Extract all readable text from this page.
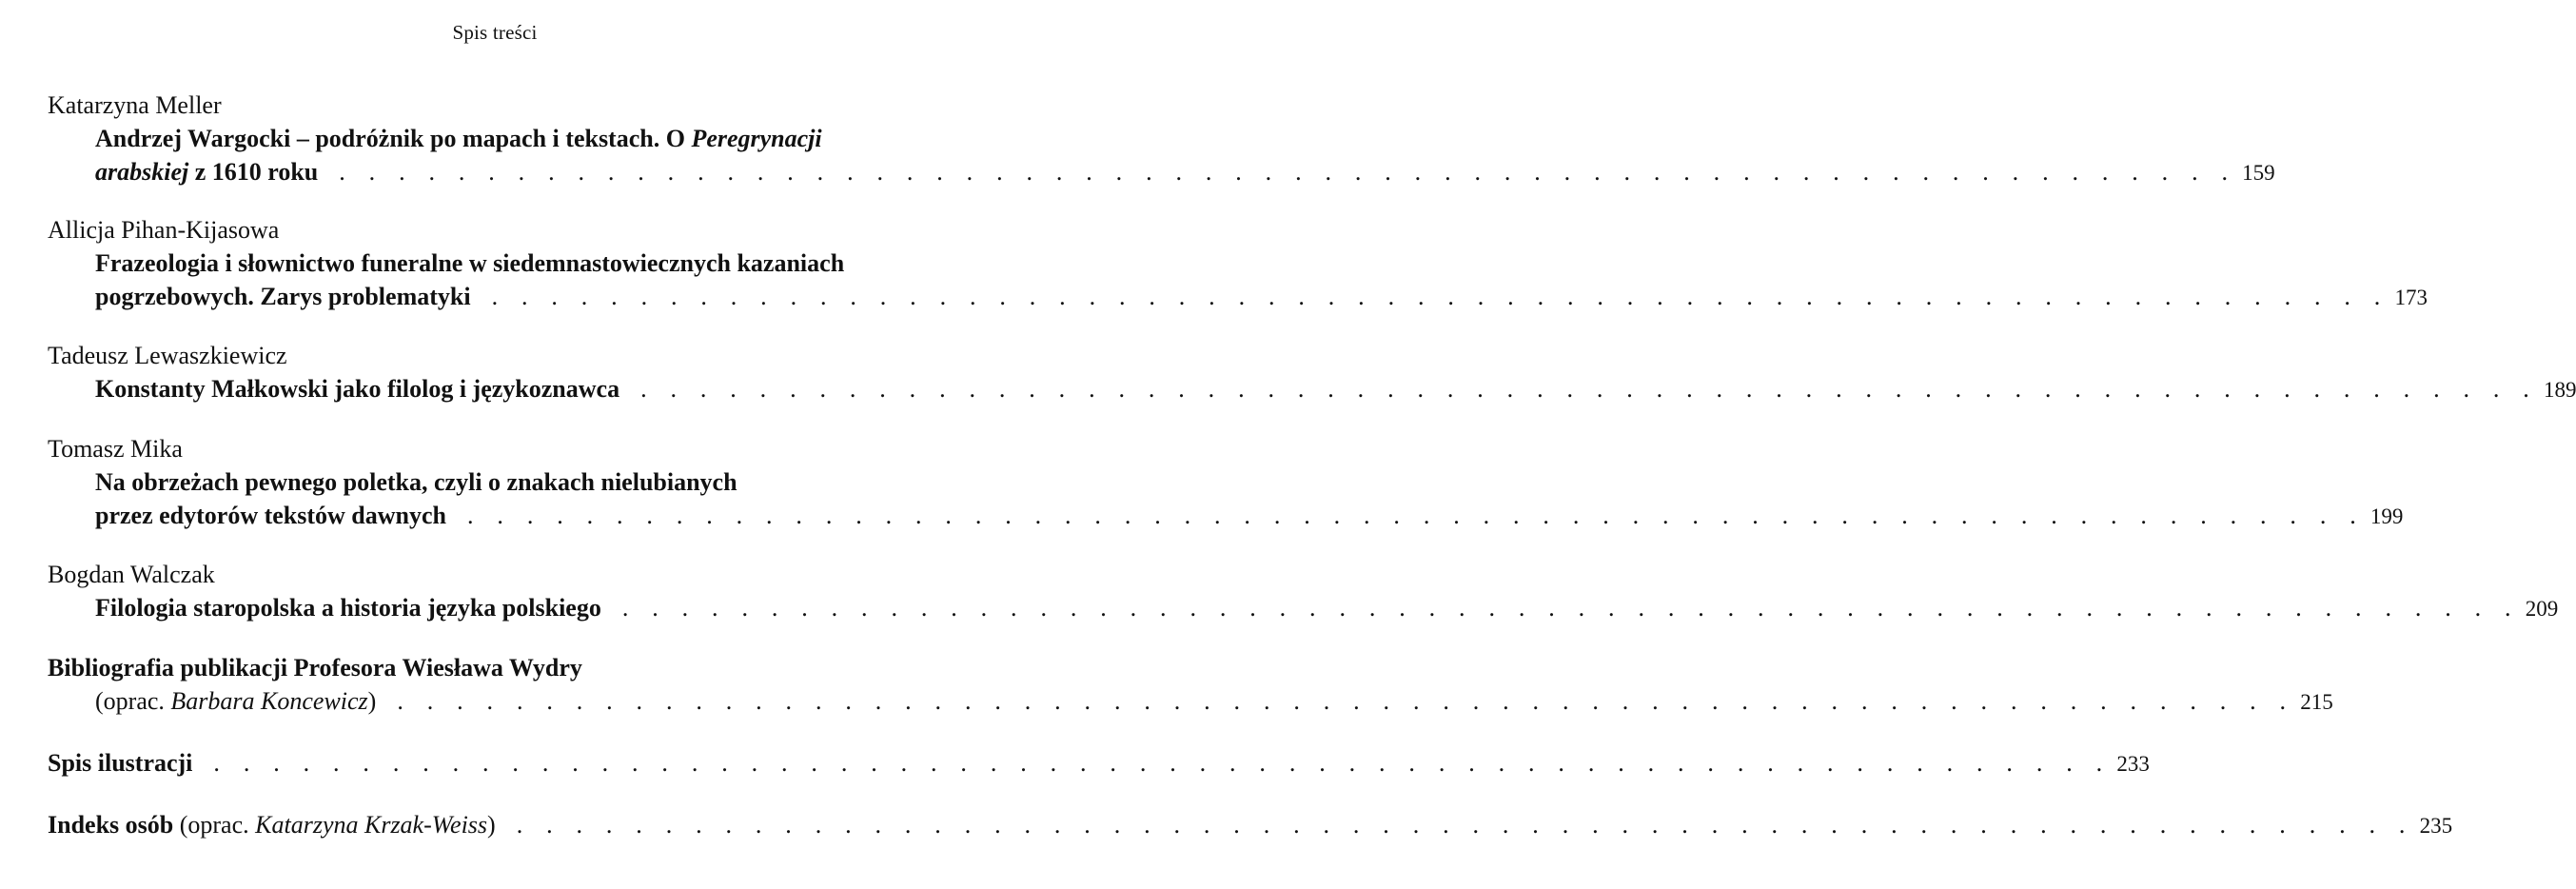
Spis treści
Katarzyna Meller
Andrzej Wargocki – podróżnik po mapach i tekstach. O Peregrynacji
arabskiej z 1610 roku . . . . . . . . . . . . . . . . . . . . . . . . . . . . . . . . . . . . . . . . . . . . . . . . . . . . . . . . . . . . . . . . 159
Allicja Pihan-Kijasowa
Frazeologia i słownictwo funeralne w siedemnastowiecznych kazaniach
pogrzebowych. Zarys problematyki . . . . . . . . . . . . . . . . . . . . . . . . . . . . . . . . . . . . . . . . . . . . . . . . . . . . . . . . . . . . . . . . 173
Tadeusz Lewaszkiewicz
Konstanty Małkowski jako filolog i językoznawca . . . . . . . . . . . . . . . . . . . . . . . . . . . . . . . . . . . . . . . . . . . . . . . . . . . . . . . . . . . . . . . . 189
Tomasz Mika
Na obrzeżach pewnego poletka, czyli o znakach nielubianych
przez edytorów tekstów dawnych . . . . . . . . . . . . . . . . . . . . . . . . . . . . . . . . . . . . . . . . . . . . . . . . . . . . . . . . . . . . . . . . 199
Bogdan Walczak
Filologia staropolska a historia języka polskiego . . . . . . . . . . . . . . . . . . . . . . . . . . . . . . . . . . . . . . . . . . . . . . . . . . . . . . . . . . . . . . . . 209
Bibliografia publikacji Profesora Wiesława Wydry
(oprac. Barbara Koncewicz) . . . . . . . . . . . . . . . . . . . . . . . . . . . . . . . . . . . . . . . . . . . . . . . . . . . . . . . . . . . . . . . . 215
Spis ilustracji . . . . . . . . . . . . . . . . . . . . . . . . . . . . . . . . . . . . . . . . . . . . . . . . . . . . . . . . . . . . . . . . 233
Indeks osób (oprac. Katarzyna Krzak-Weiss) . . . . . . . . . . . . . . . . . . . . . . . . . . . . . . . . . . . . . . . . . . . . . . . . . . . . . . . . . . . . . . . . 235
